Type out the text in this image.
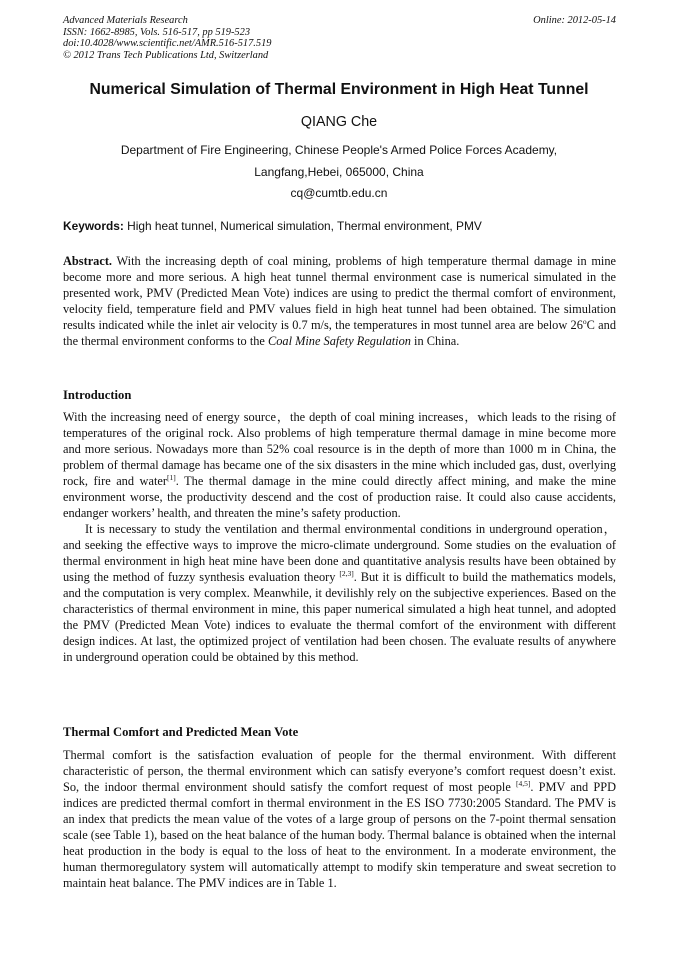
Advanced Materials Research
ISSN: 1662-8985, Vols. 516-517, pp 519-523
doi:10.4028/www.scientific.net/AMR.516-517.519
© 2012 Trans Tech Publications Ltd, Switzerland
Online: 2012-05-14
Numerical Simulation of Thermal Environment in High Heat Tunnel
QIANG Che
Department of Fire Engineering, Chinese People's Armed Police Forces Academy,
Langfang,Hebei, 065000, China
cq@cumtb.edu.cn
Keywords: High heat tunnel, Numerical simulation, Thermal environment, PMV

Abstract. With the increasing depth of coal mining, problems of high temperature thermal damage in mine become more and more serious. A high heat tunnel thermal environment case is numerical simulated in the presented work, PMV (Predicted Mean Vote) indices are using to predict the thermal comfort of environment, velocity field, temperature field and PMV values field in high heat tunnel had been obtained. The simulation results indicated while the inlet air velocity is 0.7 m/s, the temperatures in most tunnel area are below 26$^o$C and the thermal environment conforms to the Coal Mine Safety Regulation in China.

Introduction

With the increasing need of energy source，the depth of coal mining increases，which leads to the rising of temperatures of the original rock. Also problems of high temperature thermal damage in mine become more and more serious. Nowadays more than 52% coal resource is in the depth of more than 1000 m in China, the problem of thermal damage has became one of the six disasters in the mine which included gas, dust, overlying rock, fire and water[1]. The thermal damage in the mine could directly affect mining, and make the mine environment worse, the productivity descend and the cost of production raise. It could also cause accidents, endanger workers’ health, and threaten the mine’s safety production.

It is necessary to study the ventilation and thermal environmental conditions in underground operation，and seeking the effective ways to improve the micro-climate underground. Some studies on the evaluation of thermal environment in high heat mine have been done and quantitative analysis results have been obtained by using the method of fuzzy synthesis evaluation theory [2,3]. But it is difficult to build the mathematics models, and the computation is very complex. Meanwhile, it devilishly rely on the subjective experiences. Based on the characteristics of thermal environment in mine, this paper numerical simulated a high heat tunnel, and adopted the PMV (Predicted Mean Vote) indices to evaluate the thermal comfort of the environment with different design indices. At last, the optimized project of ventilation had been chosen. The evaluate results of anywhere in underground operation could be obtained by this method.

Thermal Comfort and Predicted Mean Vote

Thermal comfort is the satisfaction evaluation of people for the thermal environment. With different characteristic of person, the thermal environment which can satisfy everyone’s comfort request doesn’t exist. So, the indoor thermal environment should satisfy the comfort request of most people [4,5]. PMV and PPD indices are predicted thermal comfort in thermal environment in the ES ISO 7730:2005 Standard. The PMV is an index that predicts the mean value of the votes of a large group of persons on the 7-point thermal sensation scale (see Table 1), based on the heat balance of the human body. Thermal balance is obtained when the internal heat production in the body is equal to the loss of heat to the environment. In a moderate environment, the human thermoregulatory system will automatically attempt to modify skin temperature and sweat secretion to maintain heat balance. The PMV indices are in Table 1.
